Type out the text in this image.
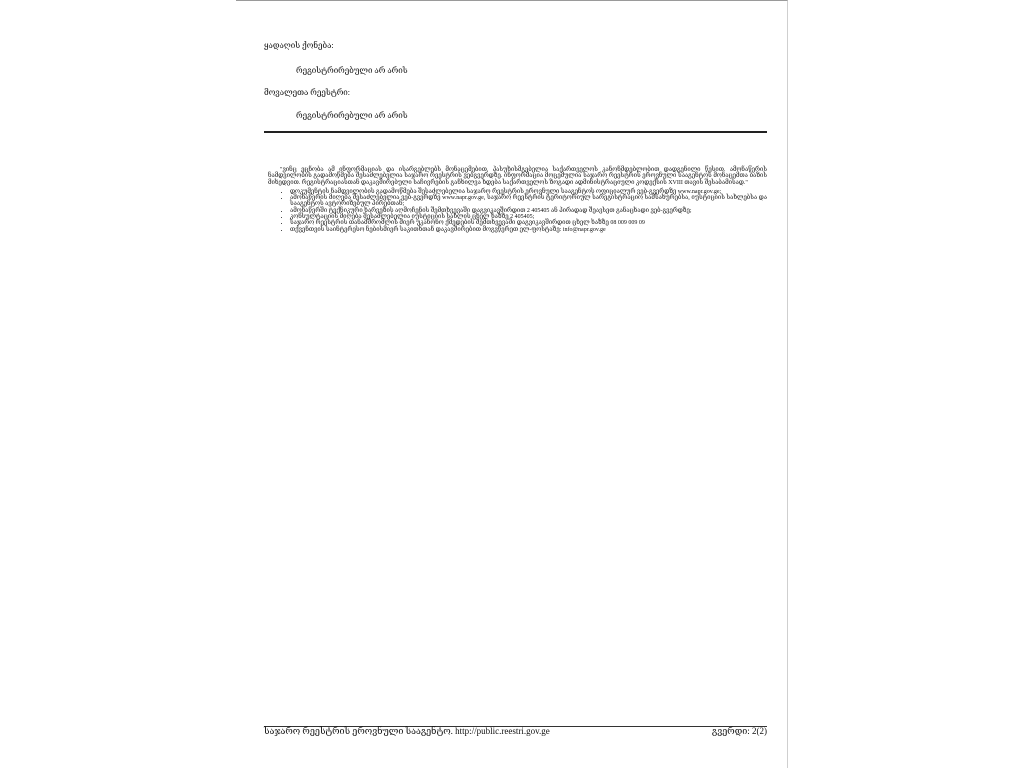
ყადაღის ქონება:
რეგისტრირებული არ არის
მოვალეთა რეესტრი:
რეგისტრირებული არ არის

"ვინც ეცნობა ამ ინფორმაციას და ისარგებლებს მონაცემებით, პასუხისმგებელია საქართველოს კანონმდებლობით დადგენილი წესით. ამონაწერის ნამდვილობის გადამოწმება შესაძლებელია საჯარო რეესტრის ვებგვერდზე. ინფორმაცია მოცემულია საჯარო რეესტრის ეროვნული სააგენტოს მონაცემთა ბაზის მიხედვით. რეგისტრაციასთან დაკავშირებული საჩივრების განხილვა ხდება საქართველოს ზოგადი ადმინისტრაციული კოდექსის XVIII თავის შესაბამისად."

• დოკუმენტის ნამდვილობის გადამოწმება შესაძლებელია საჯარო რეესტრის ეროვნული სააგენტოს ოფიციალურ ვებ-გვერდზე www.napr.gov.ge;
• ამონაწერის მიღება შესაძლებელია ვებ-გვერდზე www.napr.gov.ge, საჯარო რეესტრის ტერიტორიულ სარეგისტრაციო სამსახურებსა, იუსტიციის სახლებსა და სააგენტოს ავტორიზებულ პირებთან;
• ამონაწერში ტექნიკური ხარვეზის აღმოჩენის შემთხვევაში დაგვიკავშირდით 2 405405 ან პირადად შეავსეთ განაცხადი ვებ-გვერდზე;
• კონსულტაციის მიღება შესაძლებელია იუსტიციის სახლის ცხელ ხაზზე 2 405405;
• საჯარო რეესტრის თანამშრომლის მიერ უკანონო ქმედების შემთხვევაში დაგვიკავშირდით ცხელ ხაზზე 08 009 009 09
• თქვენთვის საინტერესო ნებისმიერ საკითხთან დაკავშირებით მოგვწერეთ ელ-ფოსტაზე: info@napr.gov.ge
საჯარო რეესტრის ეროვნული სააგენტო. http://public.reestri.gov.ge	გვერდი: 2(2)
